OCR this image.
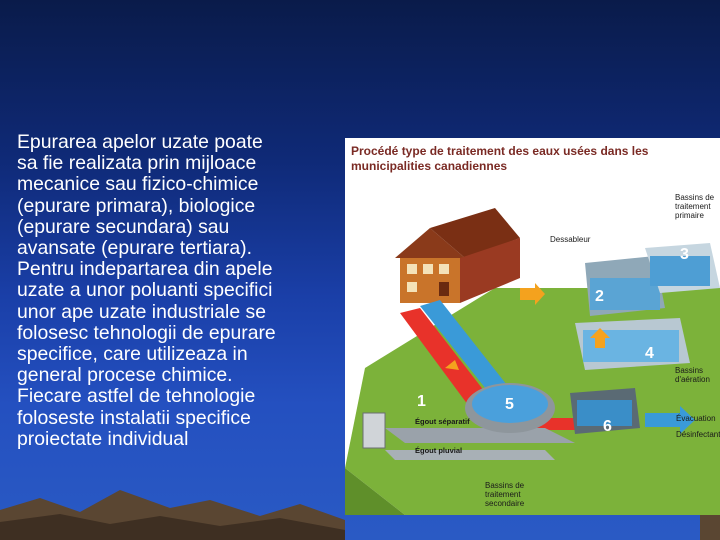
Epurarea apelor uzate poate
sa fie realizata prin mijloace
mecanice sau fizico-chimice
(epurare primara), biologice
(epurare secundara) sau
avansate (epurare tertiara).
Pentru indepartarea din apele
uzate a unor poluanti specifici
unor ape uzate industriale se
folosesc tehnologii de epurare
specifice, care utilizeaza in
general procese chimice.
Fiecare astfel de tehnologie
foloseste instalatii specifice
proiectate individual
Procédé type de traitement des eaux usées dans les municipalities canadiennes
Bassins de
traitement
primaire
Dessableur
Bassins
d'aération
Évacuation
Désinfectant
Égout séparatif
Égout pluvial
Bassins de
traitement
secondaire
1
2
3
4
5
6
